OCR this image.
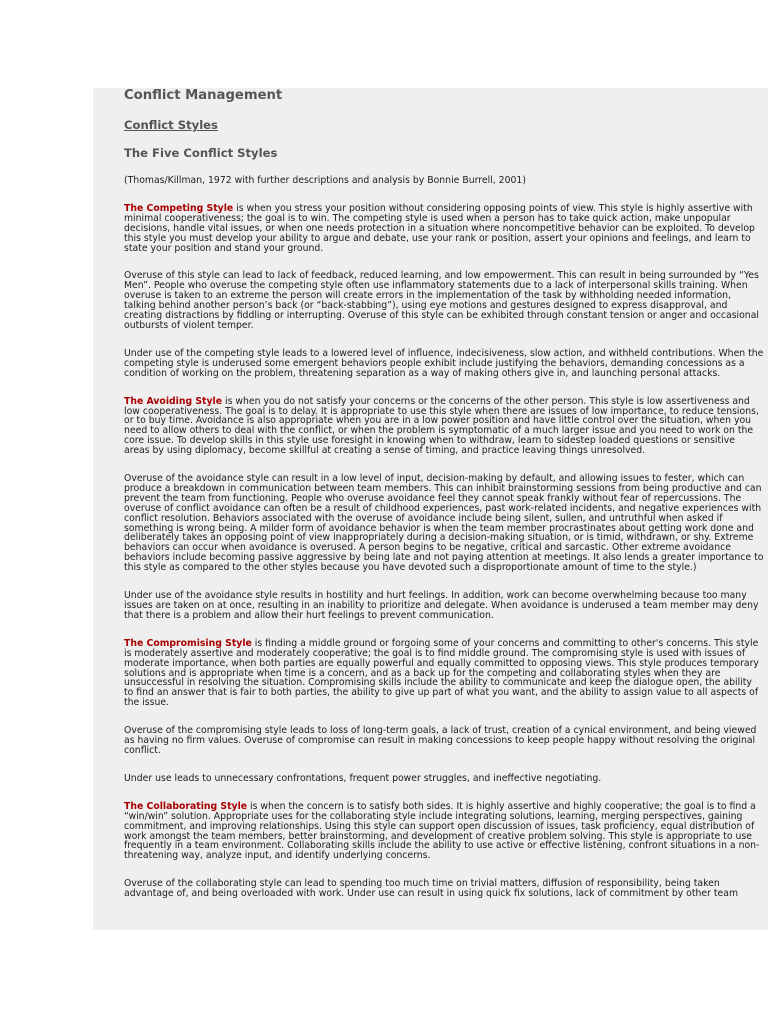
Conflict Management
Conflict Styles
The Five Conflict Styles
(Thomas/Killman, 1972 with further descriptions and analysis by Bonnie Burrell, 2001)
The Competing Style is when you stress your position without considering opposing points of view. This style is highly assertive with
minimal cooperativeness; the goal is to win. The competing style is used when a person has to take quick action, make unpopular
decisions, handle vital issues, or when one needs protection in a situation where noncompetitive behavior can be exploited. To develop
this style you must develop your ability to argue and debate, use your rank or position, assert your opinions and feelings, and learn to
state your position and stand your ground.
Overuse of this style can lead to lack of feedback, reduced learning, and low empowerment. This can result in being surrounded by “Yes
Men”. People who overuse the competing style often use inflammatory statements due to a lack of interpersonal skills training. When
overuse is taken to an extreme the person will create errors in the implementation of the task by withholding needed information,
talking behind another person’s back (or “back-stabbing”), using eye motions and gestures designed to express disapproval, and
creating distractions by fiddling or interrupting. Overuse of this style can be exhibited through constant tension or anger and occasional
outbursts of violent temper.
Under use of the competing style leads to a lowered level of influence, indecisiveness, slow action, and withheld contributions. When the
competing style is underused some emergent behaviors people exhibit include justifying the behaviors, demanding concessions as a
condition of working on the problem, threatening separation as a way of making others give in, and launching personal attacks.
The Avoiding Style is when you do not satisfy your concerns or the concerns of the other person. This style is low assertiveness and
low cooperativeness. The goal is to delay. It is appropriate to use this style when there are issues of low importance, to reduce tensions,
or to buy time. Avoidance is also appropriate when you are in a low power position and have little control over the situation, when you
need to allow others to deal with the conflict, or when the problem is symptomatic of a much larger issue and you need to work on the
core issue. To develop skills in this style use foresight in knowing when to withdraw, learn to sidestep loaded questions or sensitive
areas by using diplomacy, become skillful at creating a sense of timing, and practice leaving things unresolved.
Overuse of the avoidance style can result in a low level of input, decision-making by default, and allowing issues to fester, which can
produce a breakdown in communication between team members. This can inhibit brainstorming sessions from being productive and can
prevent the team from functioning. People who overuse avoidance feel they cannot speak frankly without fear of repercussions. The
overuse of conflict avoidance can often be a result of childhood experiences, past work-related incidents, and negative experiences with
conflict resolution. Behaviors associated with the overuse of avoidance include being silent, sullen, and untruthful when asked if
something is wrong being. A milder form of avoidance behavior is when the team member procrastinates about getting work done and
deliberately takes an opposing point of view inappropriately during a decision-making situation, or is timid, withdrawn, or shy. Extreme
behaviors can occur when avoidance is overused. A person begins to be negative, critical and sarcastic. Other extreme avoidance
behaviors include becoming passive aggressive by being late and not paying attention at meetings. It also lends a greater importance to
this style as compared to the other styles because you have devoted such a disproportionate amount of time to the style.)
Under use of the avoidance style results in hostility and hurt feelings. In addition, work can become overwhelming because too many
issues are taken on at once, resulting in an inability to prioritize and delegate. When avoidance is underused a team member may deny
that there is a problem and allow their hurt feelings to prevent communication.
The Compromising Style is finding a middle ground or forgoing some of your concerns and committing to other's concerns. This style
is moderately assertive and moderately cooperative; the goal is to find middle ground. The compromising style is used with issues of
moderate importance, when both parties are equally powerful and equally committed to opposing views. This style produces temporary
solutions and is appropriate when time is a concern, and as a back up for the competing and collaborating styles when they are
unsuccessful in resolving the situation. Compromising skills include the ability to communicate and keep the dialogue open, the ability
to find an answer that is fair to both parties, the ability to give up part of what you want, and the ability to assign value to all aspects of
the issue.
Overuse of the compromising style leads to loss of long-term goals, a lack of trust, creation of a cynical environment, and being viewed
as having no firm values. Overuse of compromise can result in making concessions to keep people happy without resolving the original
conflict.
Under use leads to unnecessary confrontations, frequent power struggles, and ineffective negotiating.
The Collaborating Style is when the concern is to satisfy both sides. It is highly assertive and highly cooperative; the goal is to find a
“win/win” solution. Appropriate uses for the collaborating style include integrating solutions, learning, merging perspectives, gaining
commitment, and improving relationships. Using this style can support open discussion of issues, task proficiency, equal distribution of
work amongst the team members, better brainstorming, and development of creative problem solving. This style is appropriate to use
frequently in a team environment. Collaborating skills include the ability to use active or effective listening, confront situations in a non-
threatening way, analyze input, and identify underlying concerns.
Overuse of the collaborating style can lead to spending too much time on trivial matters, diffusion of responsibility, being taken
advantage of, and being overloaded with work. Under use can result in using quick fix solutions, lack of commitment by other team
